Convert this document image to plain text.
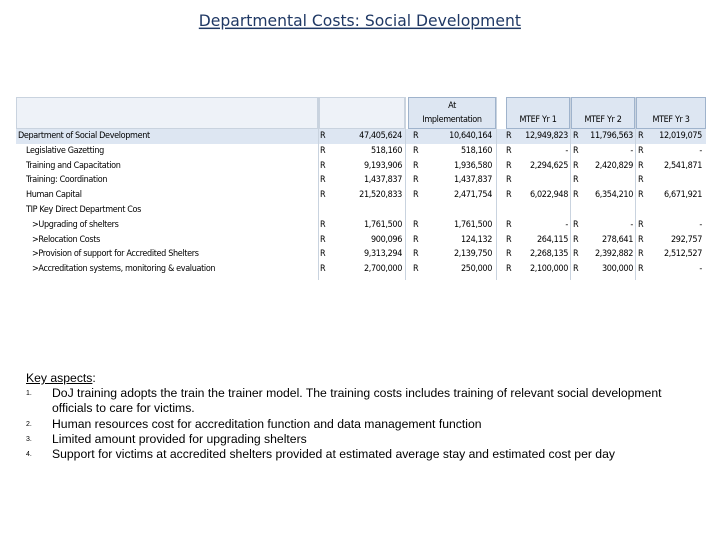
Departmental Costs: Social Development
At
Implementation	MTEF Yr 1	MTEF Yr 2	MTEF Yr 3
Department of Social Development	R	47,405,624 R	10,640,164 R	12,949,823 R	11,796,563 R	12,019,075
Legislative Gazetting	R	518,160 R	518,160 R	- R	- R	-
Training and Capacitation	R	9,193,906 R	1,936,580 R	2,294,625 R	2,420,829 R	2,541,871
Training: Coordination	R	1,437,837 R	1,437,837 R	R	R
Human Capital	R	21,520,833 R	2,471,754 R	6,022,948 R	6,354,210 R	6,671,921
TIP Key Direct Department Cos
>Upgrading of shelters	R	1,761,500 R	1,761,500 R	- R	- R	-
>Relocation Costs	R	900,096 R	124,132 R	264,115 R	278,641 R	292,757
>Provision of support for Accredited Shelters	R	9,313,294 R	2,139,750 R	2,268,135 R	2,392,882 R	2,512,527
>Accreditation systems, monitoring & evaluation	R	2,700,000 R	250,000 R	2,100,000 R	300,000 R	-
Key aspects:
1. DoJ training adopts the train the trainer model. The training costs includes training of relevant social development officials to care for victims.
2. Human resources cost for accreditation function and data management function
3. Limited amount provided for upgrading shelters
4. Support for victims at accredited shelters provided at estimated average stay and estimated cost per day
